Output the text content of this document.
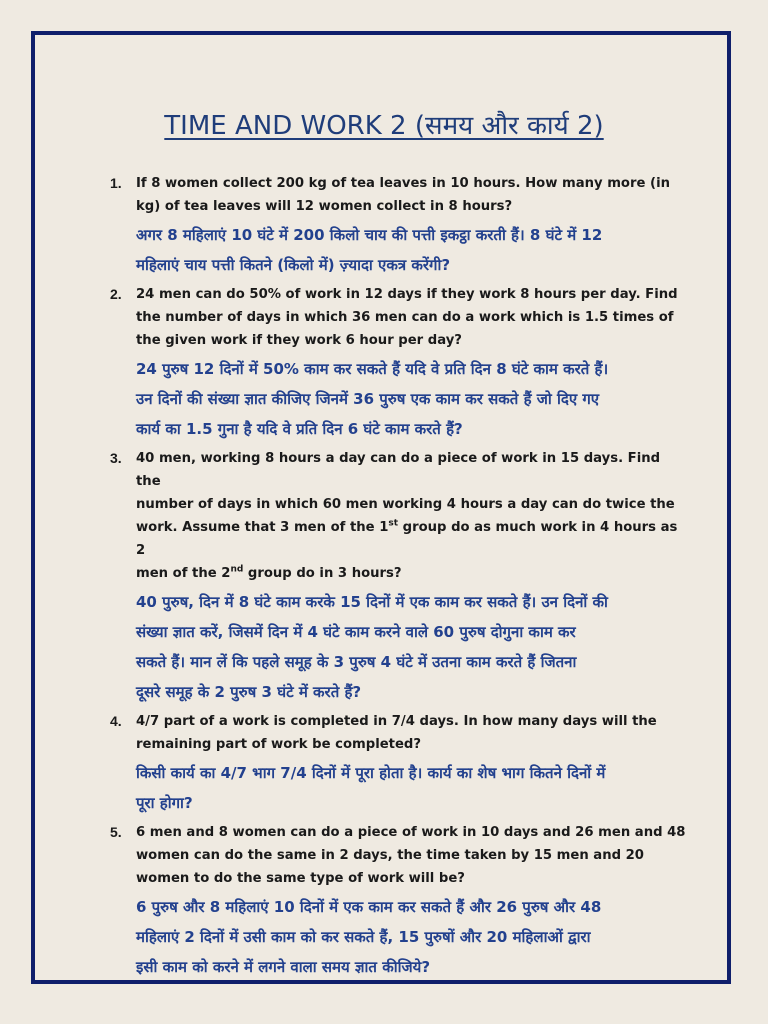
TIME AND WORK 2 (समय और कार्य 2)
1. If 8 women collect 200 kg of tea leaves in 10 hours. How many more (in
kg) of tea leaves will 12 women collect in 8 hours?
अगर 8 महिलाएं 10 घंटे में 200 किलो चाय की पत्ती इकट्ठा करती हैं। 8 घंटे में 12
महिलाएं चाय पत्ती कितने (किलो में) ज़्यादा एकत्र करेंगी?
2. 24 men can do 50% of work in 12 days if they work 8 hours per day. Find
the number of days in which 36 men can do a work which is 1.5 times of
the given work if they work 6 hour per day?
24 पुरुष 12 दिनों में 50% काम कर सकते हैं यदि वे प्रति दिन 8 घंटे काम करते हैं।
उन दिनों की संख्या ज्ञात कीजिए जिनमें 36 पुरुष एक काम कर सकते हैं जो दिए गए
कार्य का 1.5 गुना है यदि वे प्रति दिन 6 घंटे काम करते हैं?
3. 40 men, working 8 hours a day can do a piece of work in 15 days. Find the
number of days in which 60 men working 4 hours a day can do twice the
work. Assume that 3 men of the 1st group do as much work in 4 hours as 2
men of the 2nd group do in 3 hours?
40 पुरुष, दिन में 8 घंटे काम करके 15 दिनों में एक काम कर सकते हैं। उन दिनों की
संख्या ज्ञात करें, जिसमें दिन में 4 घंटे काम करने वाले 60 पुरुष दोगुना काम कर
सकते हैं। मान लें कि पहले समूह के 3 पुरुष 4 घंटे में उतना काम करते हैं जितना
दूसरे समूह के 2 पुरुष 3 घंटे में करते हैं?
4. 4/7 part of a work is completed in 7/4 days. In how many days will the
remaining part of work be completed?
किसी कार्य का 4/7 भाग 7/4 दिनों में पूरा होता है। कार्य का शेष भाग कितने दिनों में
पूरा होगा?
5. 6 men and 8 women can do a piece of work in 10 days and 26 men and 48
women can do the same in 2 days, the time taken by 15 men and 20
women to do the same type of work will be?
6 पुरुष और 8 महिलाएं 10 दिनों में एक काम कर सकते हैं और 26 पुरुष और 48
महिलाएं 2 दिनों में उसी काम को कर सकते हैं, 15 पुरुषों और 20 महिलाओं द्वारा
इसी काम को करने में लगने वाला समय ज्ञात कीजिये?
